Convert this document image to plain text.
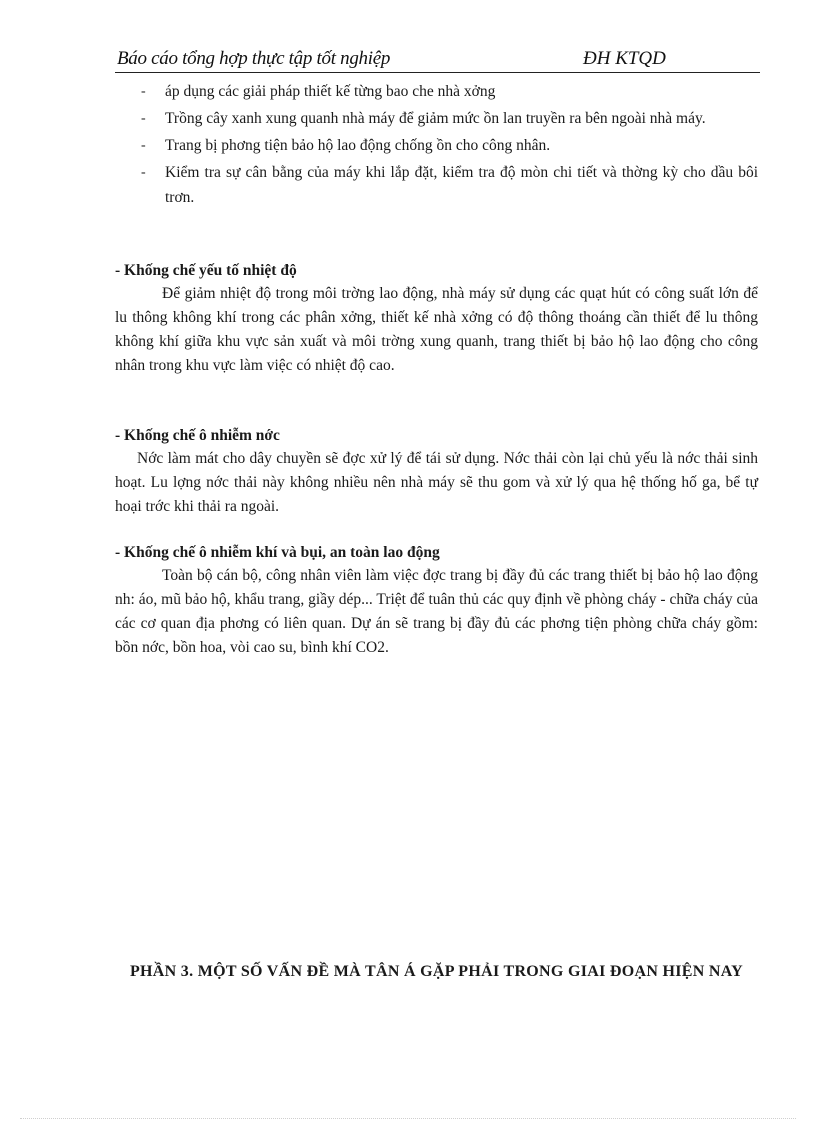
Báo cáo tổng hợp thực tập tốt nghiệp	ĐH KTQD
- áp dụng các giải pháp thiết kế từng bao che nhà xởng
- Trồng cây xanh xung quanh nhà máy để giảm mức ồn lan truyền ra bên ngoài nhà máy.
- Trang bị phơng tiện bảo hộ lao động chống ồn cho công nhân.
- Kiểm tra sự cân bằng của máy khi lắp đặt, kiểm tra độ mòn chi tiết và thờng kỳ cho dầu bôi trơn.
- Khống chế yếu tố nhiệt độ
Để giảm nhiệt độ trong môi trờng lao động, nhà máy sử dụng các quạt hút có công suất lớn để lu thông không khí trong các phân xởng, thiết kế nhà xởng có độ thông thoáng cần thiết để lu thông không khí giữa khu vực sản xuất và môi trờng xung quanh, trang thiết bị bảo hộ lao động cho công nhân trong khu vực làm việc có nhiệt độ cao.
- Khống chế ô nhiễm nớc
Nớc làm mát cho dây chuyền sẽ đợc xử lý để tái sử dụng. Nớc thải còn lại chủ yếu là nớc thải sinh hoạt. Lu lợng nớc thải này không nhiều nên nhà máy sẽ thu gom và xử lý qua hệ thống hố ga, bể tự hoại trớc khi thải ra ngoài.
- Khống chế ô nhiễm khí và bụi, an toàn lao động
Toàn bộ cán bộ, công nhân viên làm việc đợc trang bị đầy đủ các trang thiết bị bảo hộ lao động nh: áo, mũ bảo hộ, khẩu trang, giầy dép... Triệt để tuân thủ các quy định về phòng cháy - chữa cháy của các cơ quan địa phơng có liên quan. Dự án sẽ trang bị đầy đủ các phơng tiện phòng chữa cháy gồm: bồn nớc, bồn hoa, vòi cao su, bình khí CO2.
PHẦN 3. MỘT SỐ VẤN ĐỀ MÀ TÂN Á GẶP PHẢI TRONG GIAI ĐOẠN HIỆN NAY
